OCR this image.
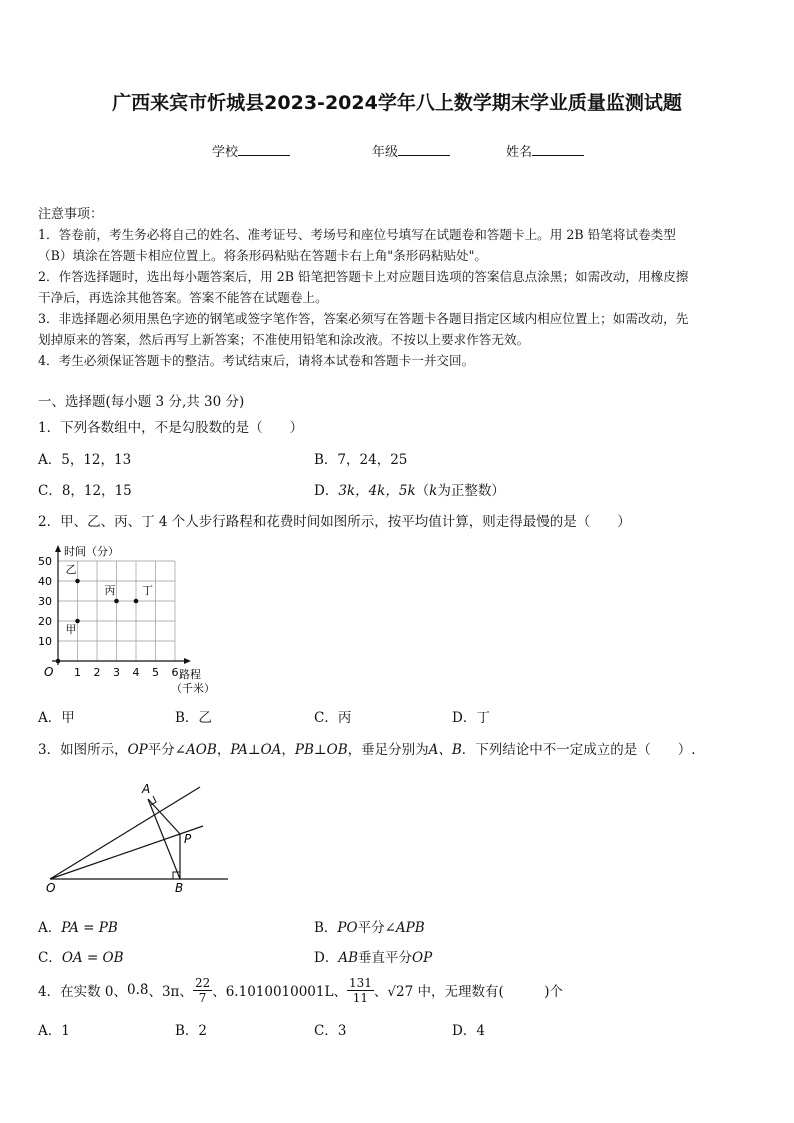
广西来宾市忻城县2023-2024学年八上数学期末学业质量监测试题
学校	年级	姓名
注意事项：
1．答卷前，考生务必将自己的姓名、准考证号、考场号和座位号填写在试题卷和答题卡上。用 2B 铅笔将试卷类型
（B）填涂在答题卡相应位置上。将条形码粘贴在答题卡右上角"条形码粘贴处"。
2．作答选择题时，选出每小题答案后，用 2B 铅笔把答题卡上对应题目选项的答案信息点涂黑；如需改动，用橡皮擦
干净后，再选涂其他答案。答案不能答在试题卷上。
3．非选择题必须用黑色字迹的钢笔或签字笔作答，答案必须写在答题卡各题目指定区域内相应位置上；如需改动，先
划掉原来的答案，然后再写上新答案；不准使用铅笔和涂改液。不按以上要求作答无效。
4．考生必须保证答题卡的整洁。考试结束后，请将本试卷和答题卡一并交回。
一、选择题(每小题 3 分,共 30 分)
1．下列各数组中，不是勾股数的是（　　）
A．5，12，13	B．7，24，25
C．8，12，15	D．3k，4k，5k（k为正整数）
2．甲、乙、丙、丁 4 个人步行路程和花费时间如图所示，按平均值计算，则走得最慢的是（　　）
时间（分）
路程
（千米）
O 1 2 3 4 5 6
10
20
30
40
50
甲
乙
丙 丁
A．甲	B．乙	C．丙	D．丁
3．如图所示，OP平分∠AOB，PA⊥OA，PB⊥OB，垂足分别为A、B．下列结论中不一定成立的是（　　）.
A
P
O	B
A．PA = PB	B．PO平分∠APB
C．OA = OB	D．AB垂直平分OP
4．在实数 0、 0.8̇ 、3π、 $\frac{22}{7}$ 、6.1010010001L 、 $\frac{131}{11}$ 、√27 中，无理数有(　　　)个
A．1	B．2	C．3	D．4
